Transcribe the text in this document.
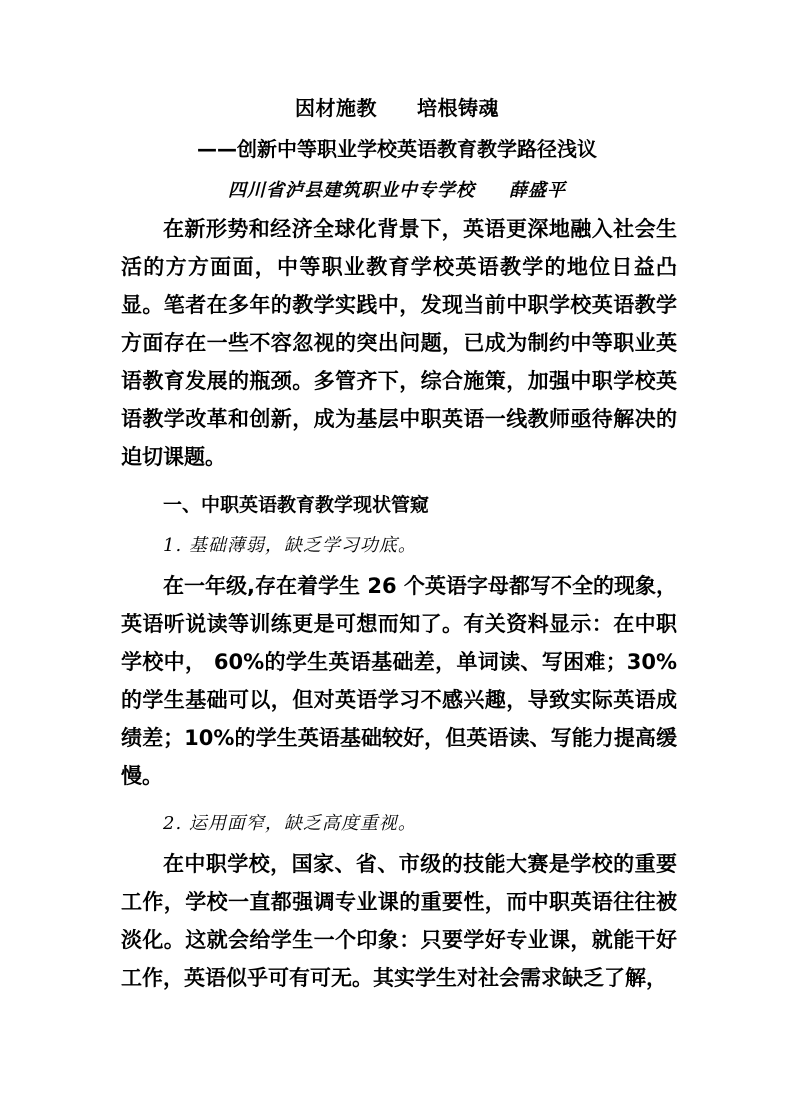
因材施教 培根铸魂
——创新中等职业学校英语教育教学路径浅议
四川省泸县建筑职业中专学校 薛盛平

在新形势和经济全球化背景下，英语更深地融入社会生活的方方面面，中等职业教育学校英语教学的地位日益凸显。笔者在多年的教学实践中，发现当前中职学校英语教学方面存在一些不容忽视的突出问题，已成为制约中等职业英语教育发展的瓶颈。多管齐下，综合施策，加强中职学校英语教学改革和创新，成为基层中职英语一线教师亟待解决的迫切课题。

一、中职英语教育教学现状管窥

1. 基础薄弱，缺乏学习功底。

在一年级,存在着学生 26 个英语字母都写不全的现象，英语听说读等训练更是可想而知了。有关资料显示：在中职学校中， 60%的学生英语基础差，单词读、写困难；30%的学生基础可以，但对英语学习不感兴趣，导致实际英语成绩差；10%的学生英语基础较好，但英语读、写能力提高缓慢。

2. 运用面窄，缺乏高度重视。

在中职学校，国家、省、市级的技能大赛是学校的重要工作，学校一直都强调专业课的重要性，而中职英语往往被淡化。这就会给学生一个印象：只要学好专业课，就能干好工作，英语似乎可有可无。其实学生对社会需求缺乏了解，
